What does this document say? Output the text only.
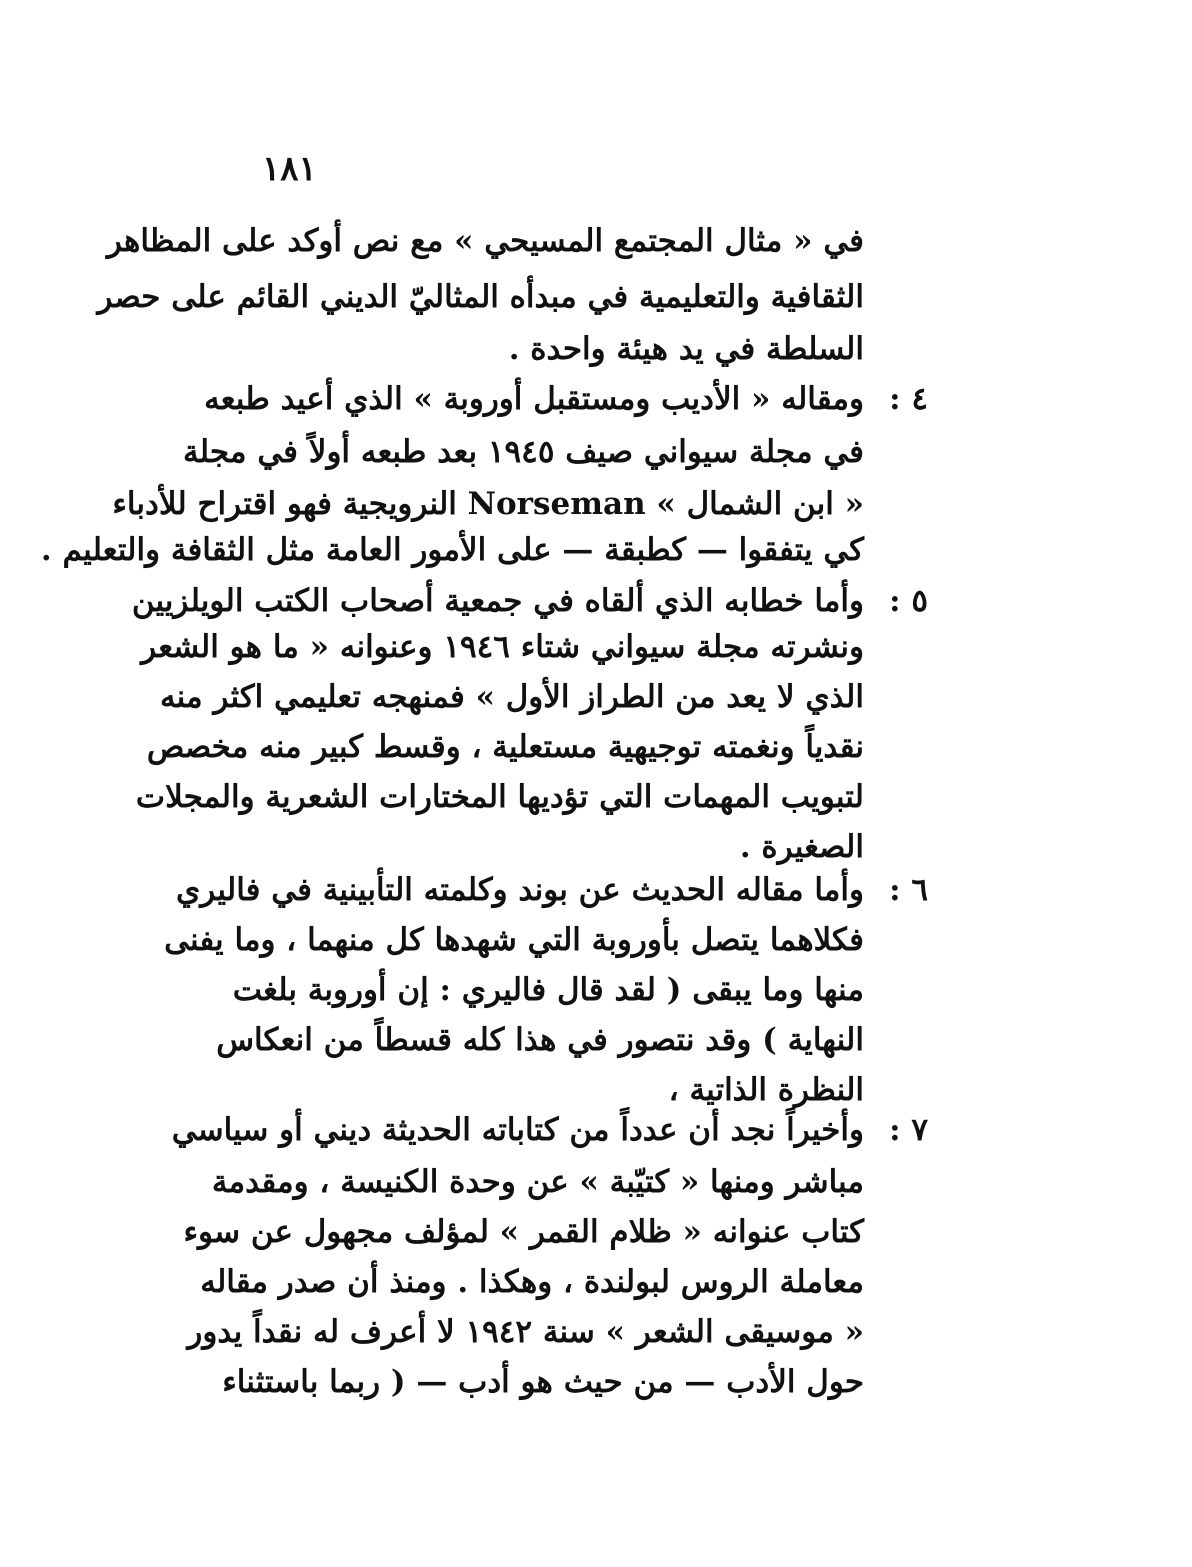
١٨١
في « مثال المجتمع المسيحي » مع نص أوكد على المظاهر
الثقافية والتعليمية في مبدأه المثاليّ الديني القائم على حصر
السلطة في يد هيئة واحدة .
٤ :
ومقاله « الأديب ومستقبل أوروبة » الذي أعيد طبعه
في مجلة سيواني صيف ١٩٤٥ بعد طبعه أولاً في مجلة
« ابن الشمال » Norseman النرويجية فهو اقتراح للأدباء
كي يتفقوا — كطبقة — على الأمور العامة مثل الثقافة والتعليم .
٥ :
وأما خطابه الذي ألقاه في جمعية أصحاب الكتب الويلزيين
ونشرته مجلة سيواني شتاء ١٩٤٦ وعنوانه « ما هو الشعر
الذي لا يعد من الطراز الأول » فمنهجه تعليمي اكثر منه
نقدياً ونغمته توجيهية مستعلية ، وقسط كبير منه مخصص
لتبويب المهمات التي تؤديها المختارات الشعرية والمجلات
الصغيرة .
٦ :
وأما مقاله الحديث عن بوند وكلمته التأبينية في فاليري
فكلاهما يتصل بأوروبة التي شهدها كل منهما ، وما يفنى
منها وما يبقى ( لقد قال فاليري : إن أوروبة بلغت
النهاية ) وقد نتصور في هذا كله قسطاً من انعكاس
النظرة الذاتية ،
٧ :
وأخيراً نجد أن عدداً من كتاباته الحديثة ديني أو سياسي
مباشر ومنها « كتيّبة » عن وحدة الكنيسة ، ومقدمة
كتاب عنوانه « ظلام القمر » لمؤلف مجهول عن سوء
معاملة الروس لبولندة ، وهكذا . ومنذ أن صدر مقاله
« موسيقى الشعر » سنة ١٩٤٢ لا أعرف له نقداً يدور
حول الأدب — من حيث هو أدب — ( ربما باستثناء
